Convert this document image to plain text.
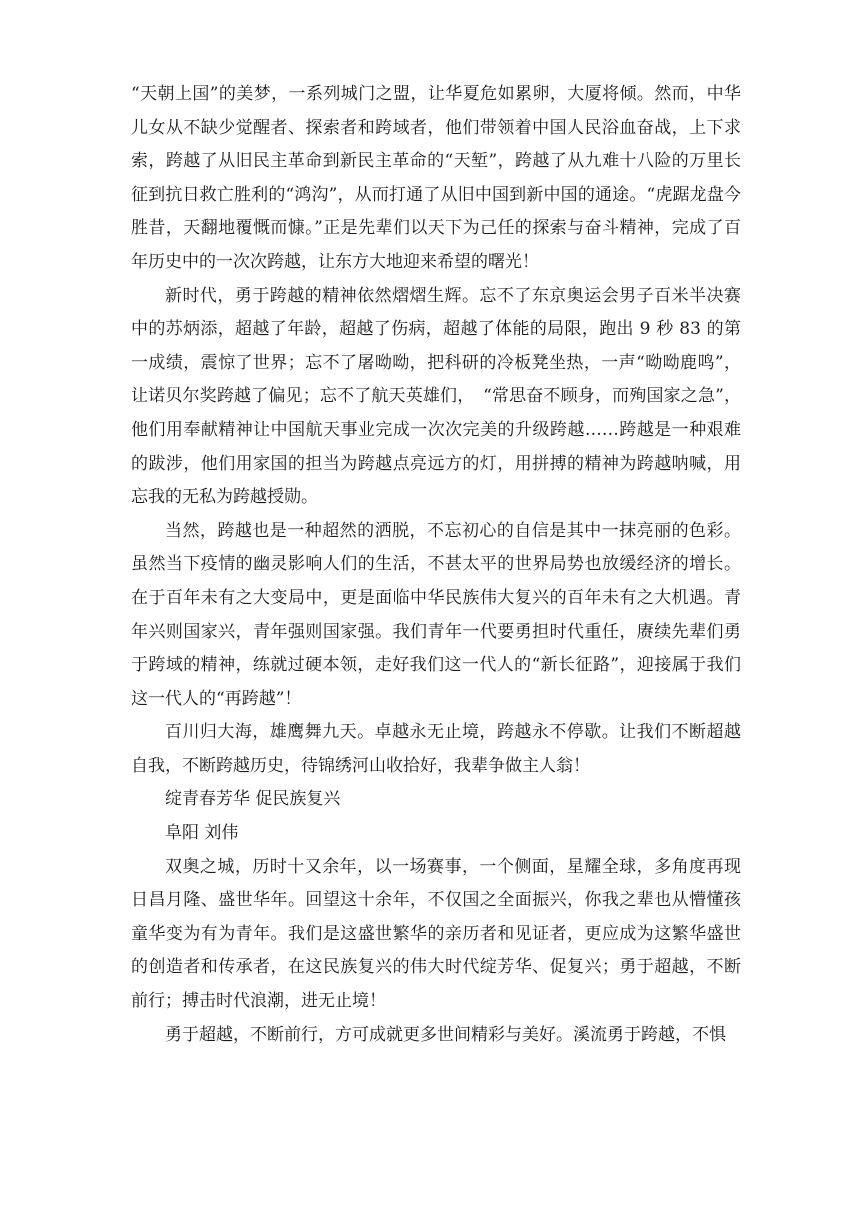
“天朝上国”的美梦，一系列城门之盟，让华夏危如累卵，大厦将倾。然而，中华儿女从不缺少觉醒者、探索者和跨域者，他们带领着中国人民浴血奋战，上下求索，跨越了从旧民主革命到新民主革命的“天堑”，跨越了从九难十八险的万里长征到抗日救亡胜利的“鸿沟”，从而打通了从旧中国到新中国的通途。“虎踞龙盘今胜昔，天翻地覆慨而慷。”正是先辈们以天下为己任的探索与奋斗精神，完成了百年历史中的一次次跨越，让东方大地迎来希望的曙光！

新时代，勇于跨越的精神依然熠熠生辉。忘不了东京奥运会男子百米半决赛中的苏炳添，超越了年龄，超越了伤病，超越了体能的局限，跑出 9 秒 83 的第一成绩，震惊了世界；忘不了屠呦呦，把科研的冷板凳坐热，一声“呦呦鹿鸣”，让诺贝尔奖跨越了偏见；忘不了航天英雄们，　“常思奋不顾身，而殉国家之急”，他们用奉献精神让中国航天事业完成一次次完美的升级跨越……跨越是一种艰难的跋涉，他们用家国的担当为跨越点亮远方的灯，用拼搏的精神为跨越呐喊，用忘我的无私为跨越授勋。

当然，跨越也是一种超然的洒脱，不忘初心的自信是其中一抹亮丽的色彩。虽然当下疫情的幽灵影响人们的生活，不甚太平的世界局势也放缓经济的增长。在于百年未有之大变局中，更是面临中华民族伟大复兴的百年未有之大机遇。青年兴则国家兴，青年强则国家强。我们青年一代要勇担时代重任，赓续先辈们勇于跨域的精神，练就过硬本领，走好我们这一代人的“新长征路”，迎接属于我们这一代人的“再跨越”！

百川归大海，雄鹰舞九天。卓越永无止境，跨越永不停歇。让我们不断超越自我，不断跨越历史，待锦绣河山收拾好，我辈争做主人翁！

绽青春芳华 促民族复兴

阜阳 刘伟

双奥之城，历时十又余年，以一场赛事，一个侧面，星耀全球，多角度再现日昌月隆、盛世华年。回望这十余年，不仅国之全面振兴，你我之辈也从懵懂孩童华变为有为青年。我们是这盛世繁华的亲历者和见证者，更应成为这繁华盛世的创造者和传承者，在这民族复兴的伟大时代绽芳华、促复兴；勇于超越，不断前行；搏击时代浪潮，进无止境！

勇于超越，不断前行，方可成就更多世间精彩与美好。溪流勇于跨越，不惧
